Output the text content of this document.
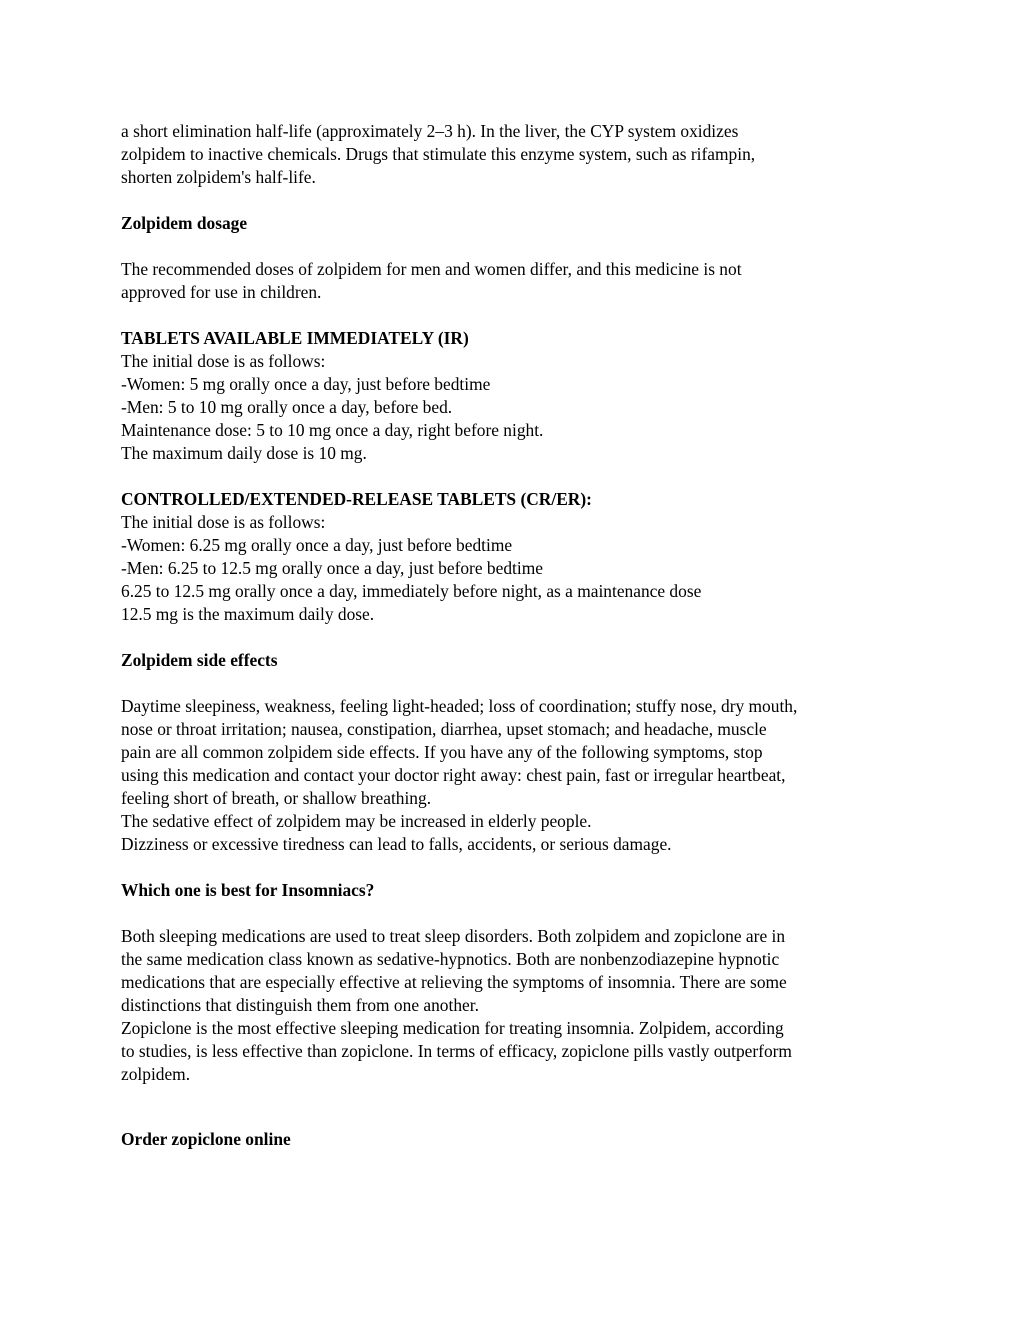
a short elimination half-life (approximately 2–3 h). In the liver, the CYP system oxidizes
zolpidem to inactive chemicals. Drugs that stimulate this enzyme system, such as rifampin,
shorten zolpidem's half-life.
Zolpidem dosage
The recommended doses of zolpidem for men and women differ, and this medicine is not
approved for use in children.
TABLETS AVAILABLE IMMEDIATELY (IR)
The initial dose is as follows:
-Women: 5 mg orally once a day, just before bedtime
-Men: 5 to 10 mg orally once a day, before bed.
Maintenance dose: 5 to 10 mg once a day, right before night.
The maximum daily dose is 10 mg.
CONTROLLED/EXTENDED-RELEASE TABLETS (CR/ER):
The initial dose is as follows:
-Women: 6.25 mg orally once a day, just before bedtime
-Men: 6.25 to 12.5 mg orally once a day, just before bedtime
6.25 to 12.5 mg orally once a day, immediately before night, as a maintenance dose
12.5 mg is the maximum daily dose.
Zolpidem side effects
Daytime sleepiness, weakness, feeling light-headed; loss of coordination; stuffy nose, dry mouth,
nose or throat irritation; nausea, constipation, diarrhea, upset stomach; and headache, muscle
pain are all common zolpidem side effects. If you have any of the following symptoms, stop
using this medication and contact your doctor right away: chest pain, fast or irregular heartbeat,
feeling short of breath, or shallow breathing.
The sedative effect of zolpidem may be increased in elderly people.
Dizziness or excessive tiredness can lead to falls, accidents, or serious damage.
Which one is best for Insomniacs?
Both sleeping medications are used to treat sleep disorders. Both zolpidem and zopiclone are in
the same medication class known as sedative-hypnotics. Both are nonbenzodiazepine hypnotic
medications that are especially effective at relieving the symptoms of insomnia. There are some
distinctions that distinguish them from one another.
Zopiclone is the most effective sleeping medication for treating insomnia. Zolpidem, according
to studies, is less effective than zopiclone. In terms of efficacy, zopiclone pills vastly outperform
zolpidem.
Order zopiclone online
